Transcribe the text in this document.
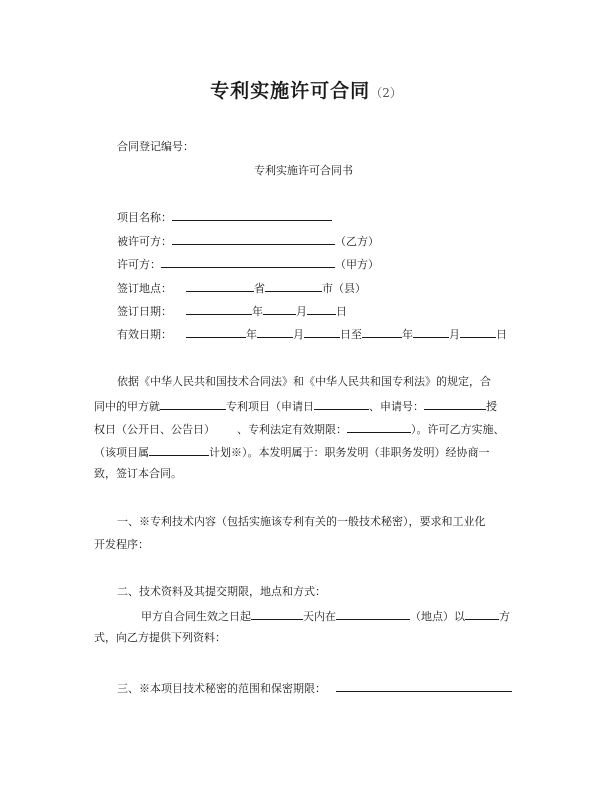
专利实施许可合同（2）
合同登记编号：
专利实施许可合同书
项目名称：
被许可方：	（乙方）
许可方：	（甲方）
签订地点：	省	市（县）
签订日期：	年	月	日
有效日期：	年	月	日至	年	月	日
依据《中华人民共和国技术合同法》和《中华人民共和国专利法》的规定，合
同中的甲方就	专利项目（申请日	、申请号：	授
权日（公开日、公告日） 、专利法定有效期限：	）。许可乙方实施、
（该项目属	计划※）。本发明属于：职务发明（非职务发明）经协商一
致，签订本合同。
一、※专利技术内容（包括实施该专利有关的一般技术秘密），要求和工业化
开发程序：
二、技术资料及其提交期限，地点和方式：
甲方自合同生效之日起	天内在	（地点）以	方
式，向乙方提供下列资料：
三、※本项目技术秘密的范围和保密期限：
